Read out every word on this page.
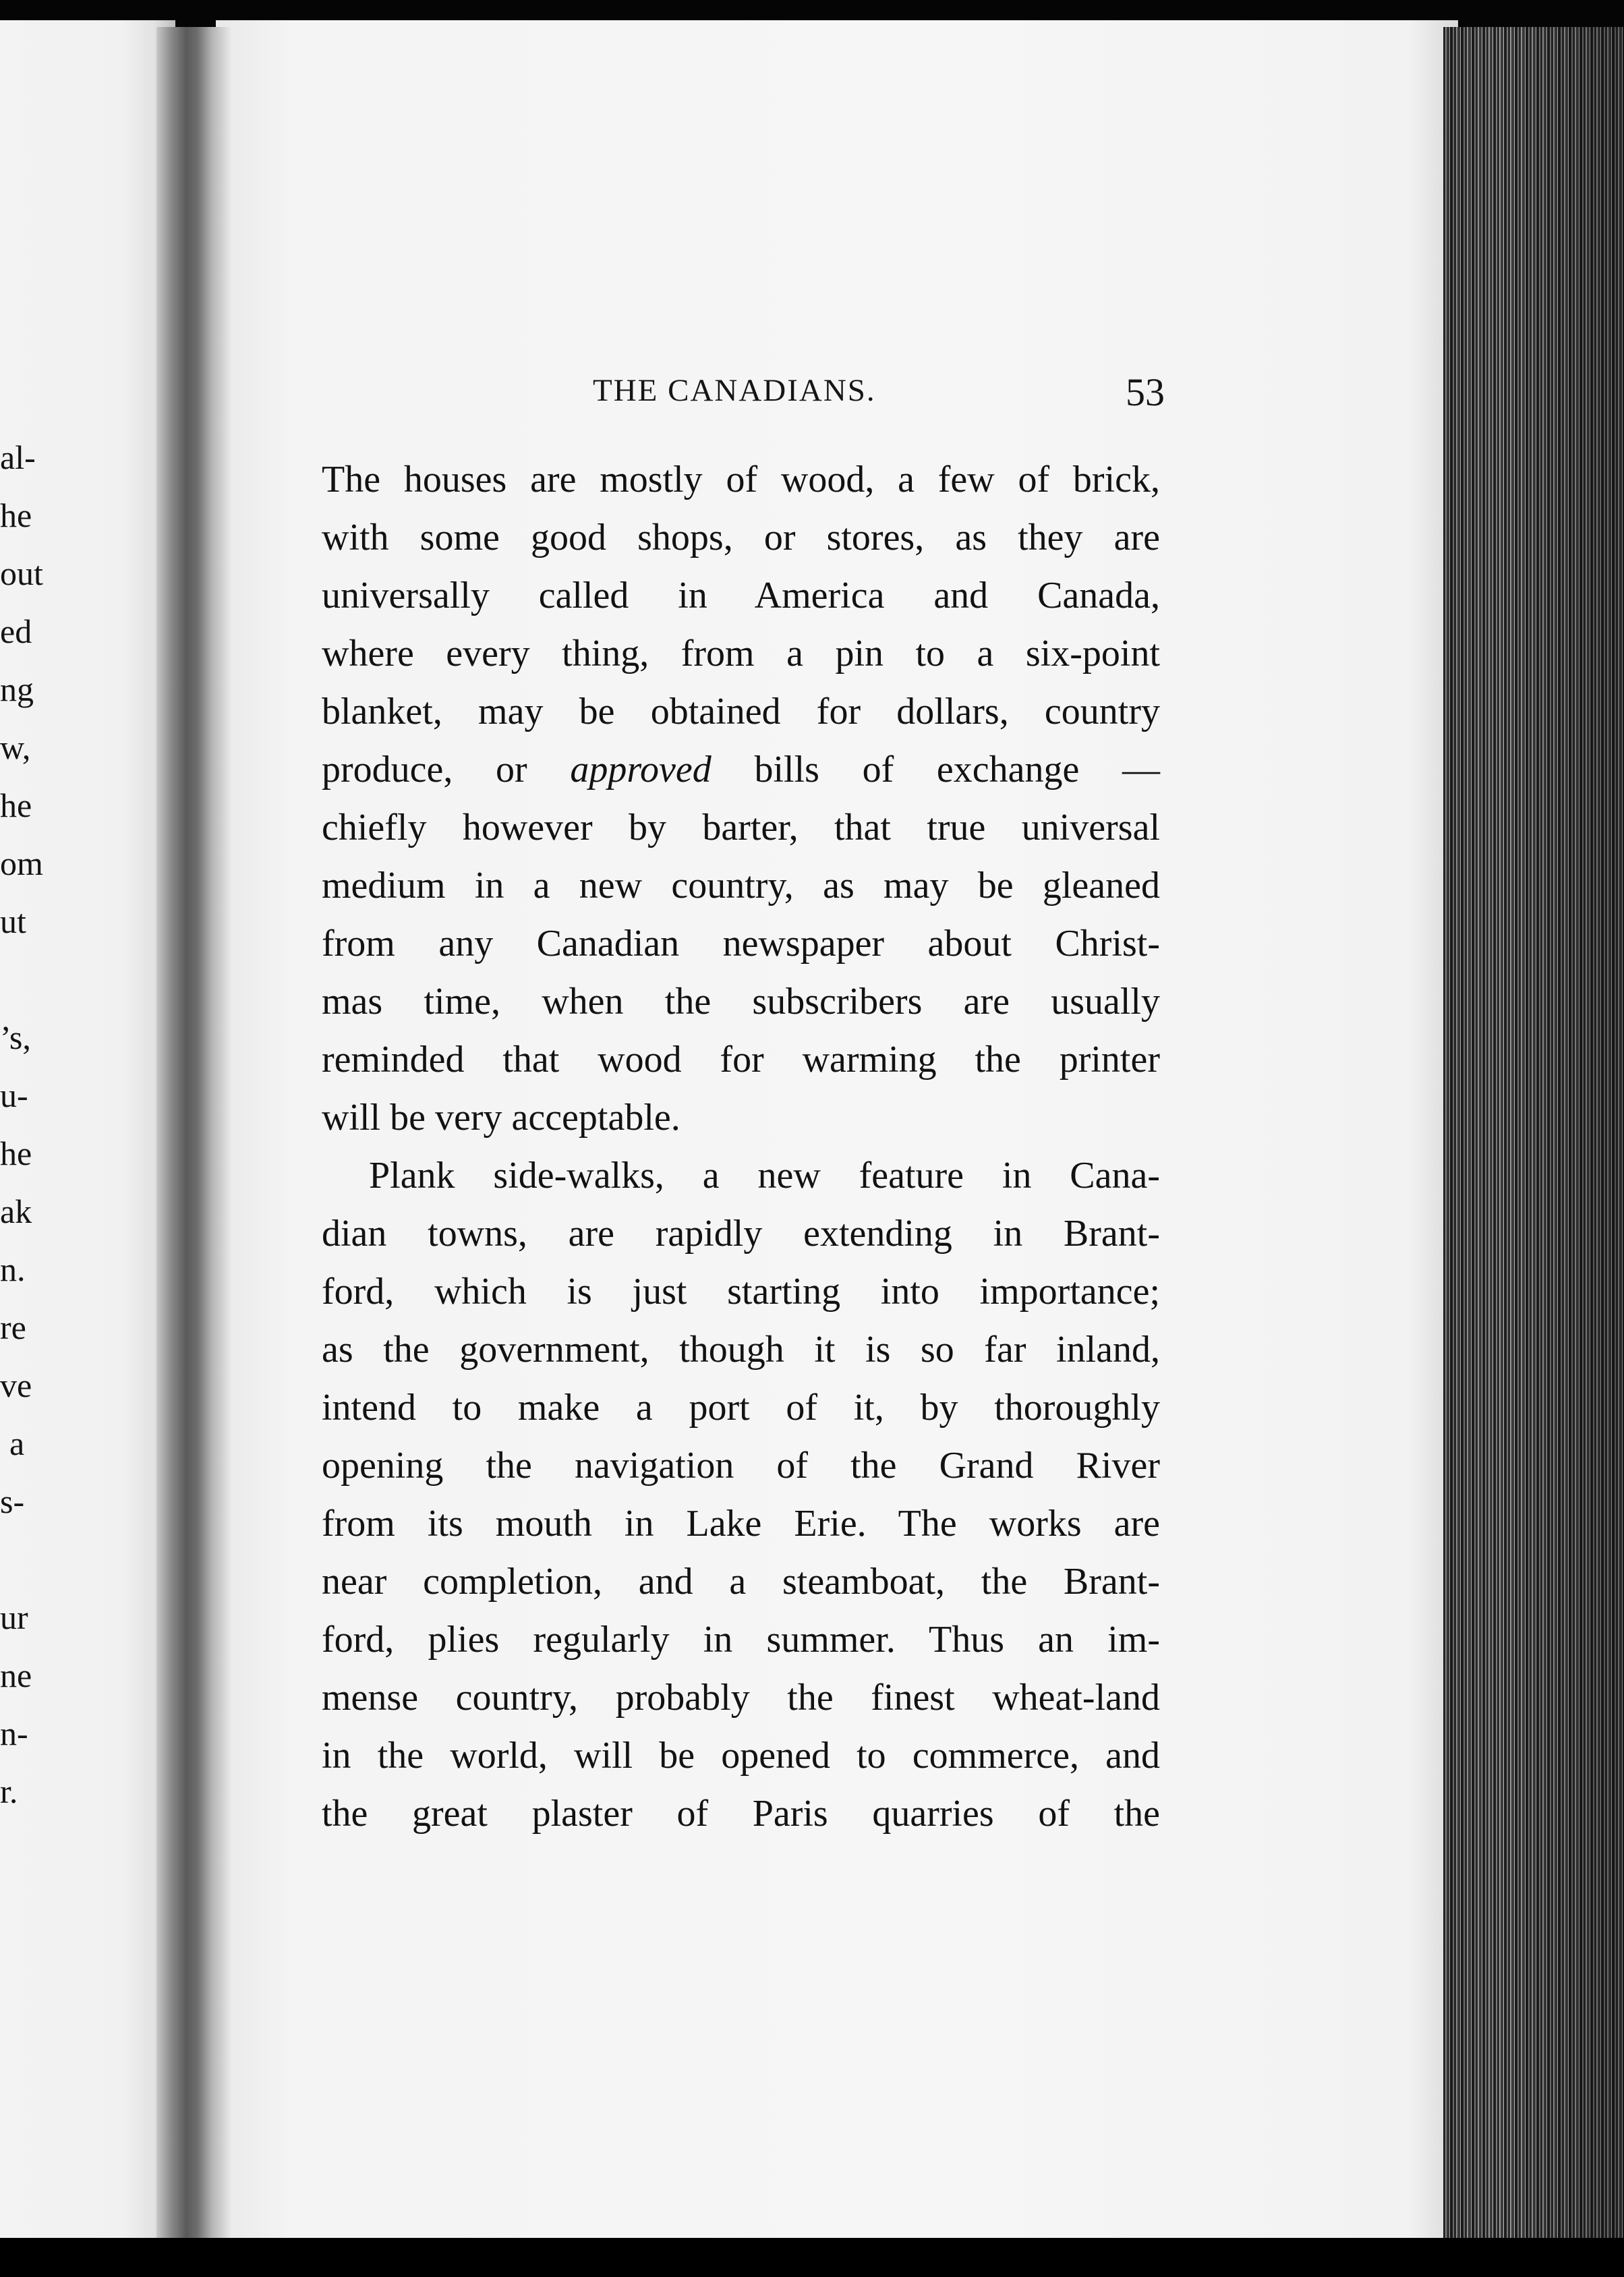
al-
he
out
ed
ng
w,
he
om
ut
’s,
u-
he
ak
n.
re
ve
a
s-
ur
ne
n-
r.
THE CANADIANS.	53
The houses are mostly of wood, a few of brick,
with some good shops, or stores, as they are
universally called in America and Canada,
where every thing, from a pin to a six-point
blanket, may be obtained for dollars, country
produce, or approved bills of exchange —
chiefly however by barter, that true universal
medium in a new country, as may be gleaned
from any Canadian newspaper about Christ-
mas time, when the subscribers are usually
reminded that wood for warming the printer
will be very acceptable.
Plank side-walks, a new feature in Cana-
dian towns, are rapidly extending in Brant-
ford, which is just starting into importance;
as the government, though it is so far inland,
intend to make a port of it, by thoroughly
opening the navigation of the Grand River
from its mouth in Lake Erie. The works are
near completion, and a steamboat, the Brant-
ford, plies regularly in summer. Thus an im-
mense country, probably the finest wheat-land
in the world, will be opened to commerce, and
the great plaster of Paris quarries of the
